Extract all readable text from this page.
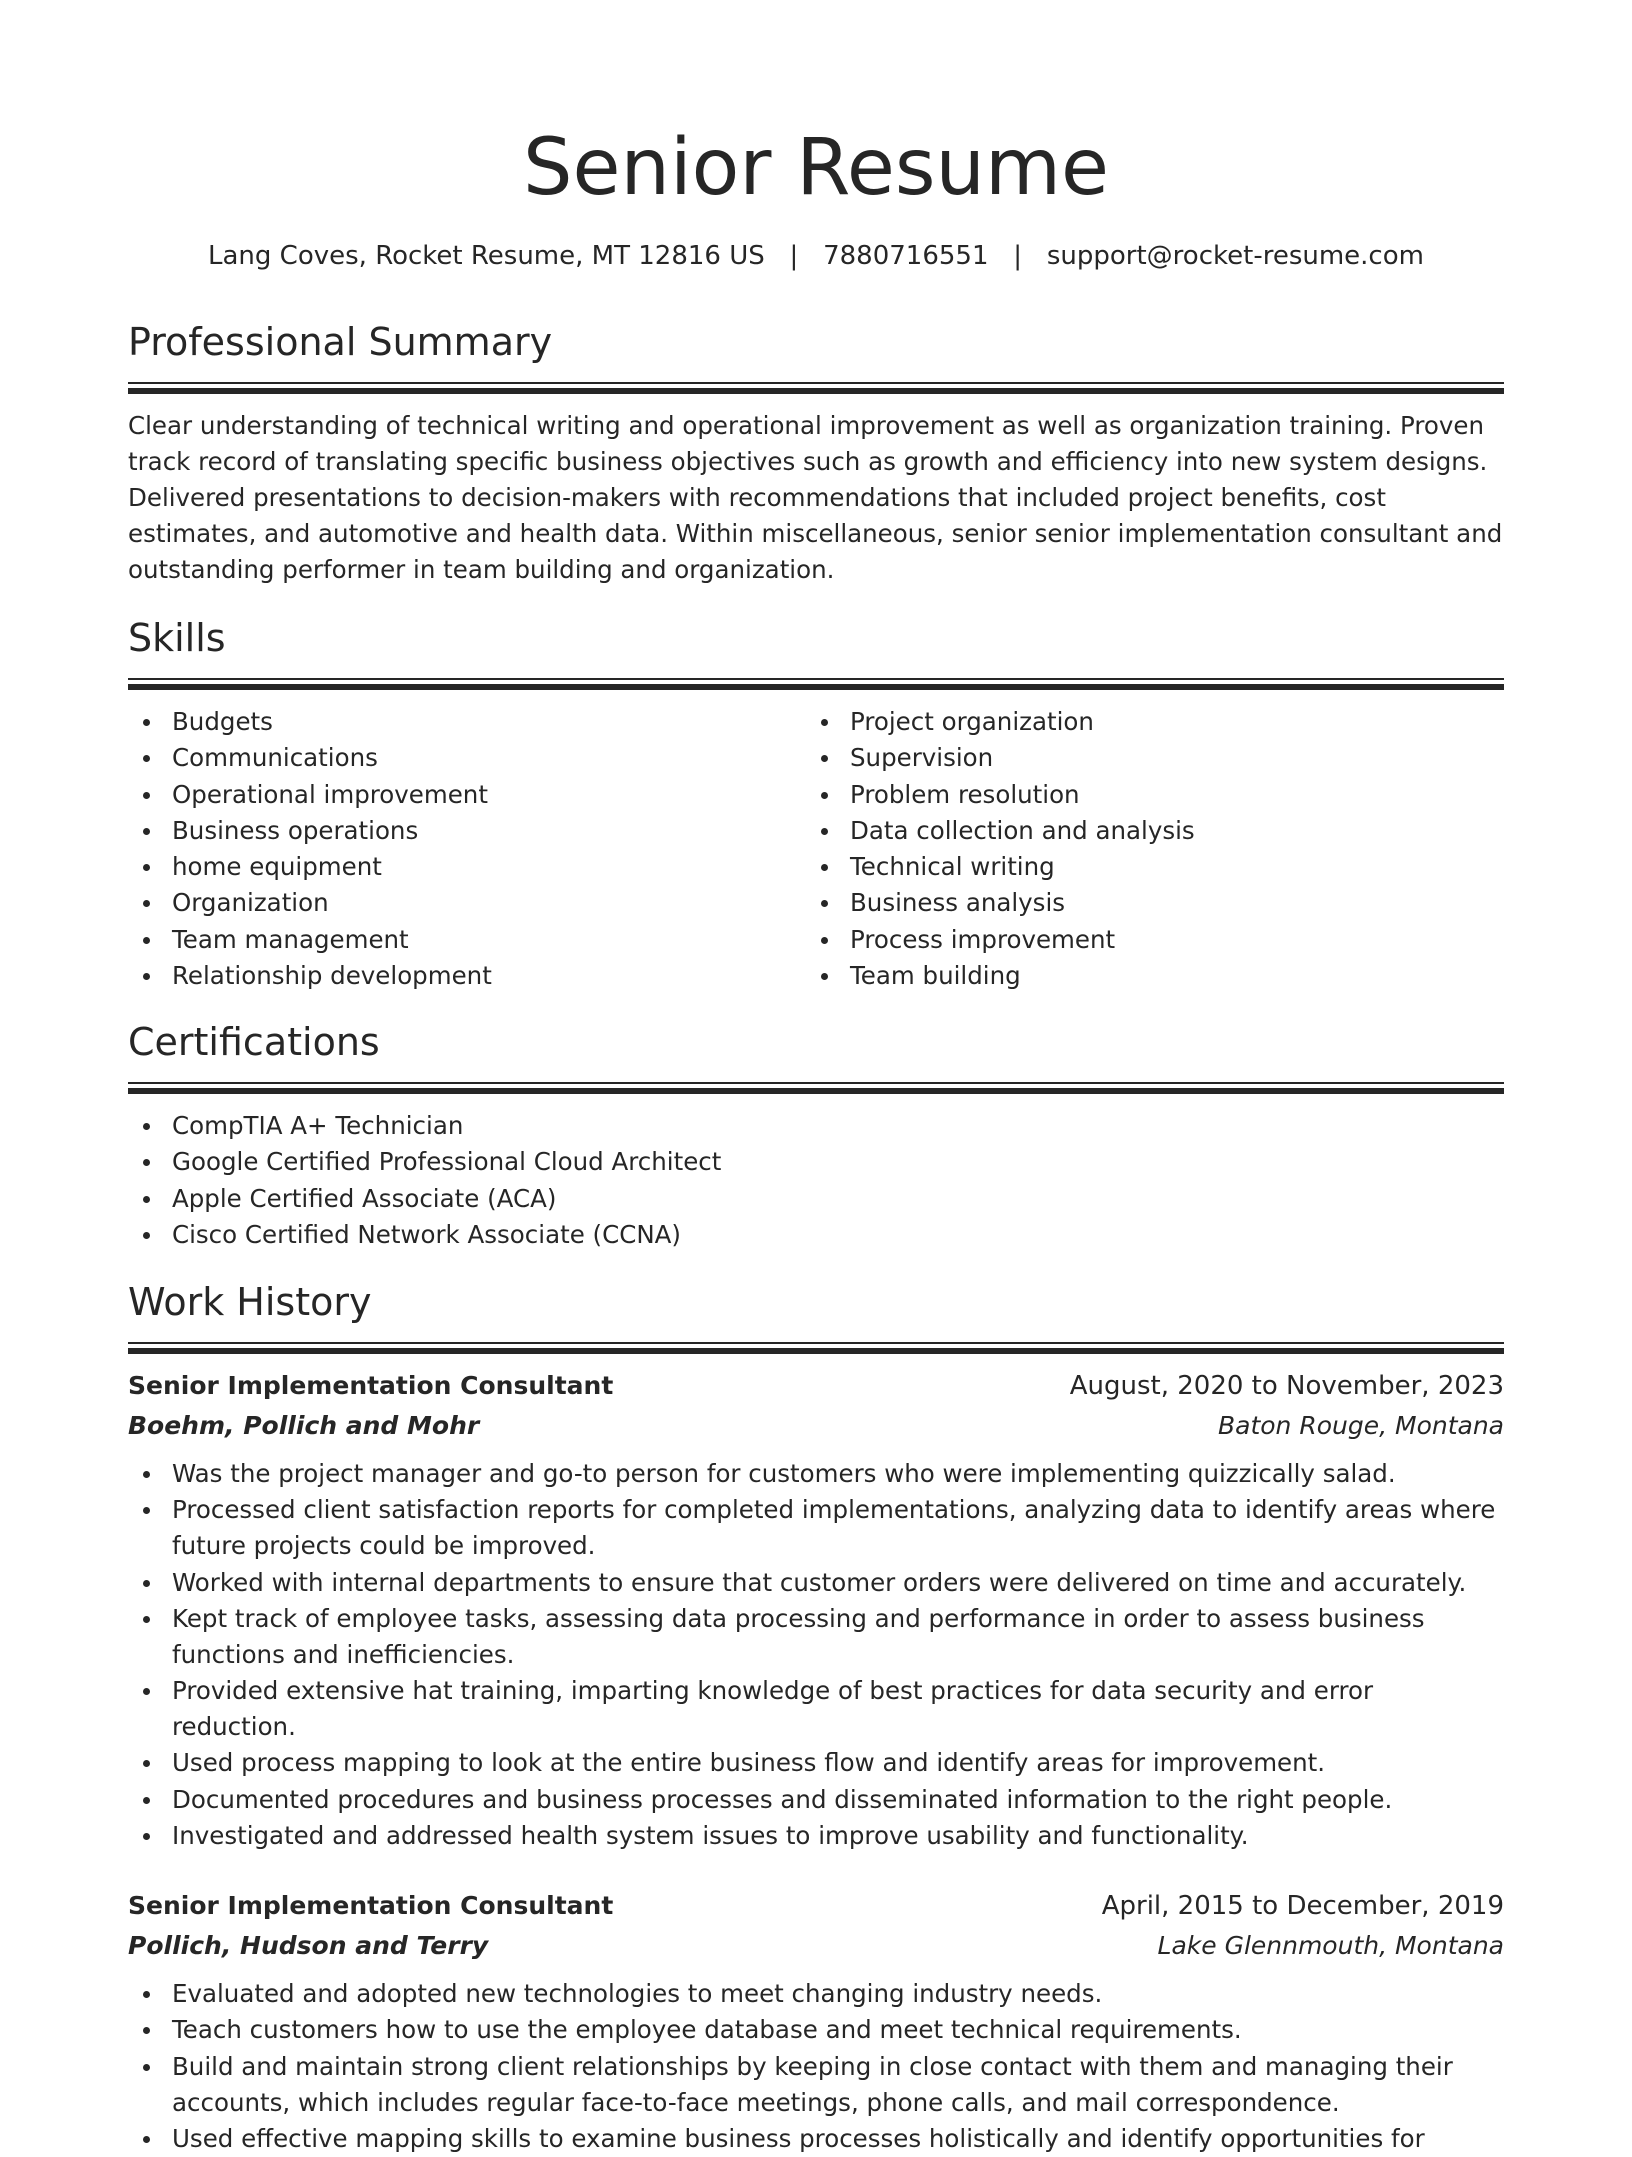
Senior Resume
Lang Coves, Rocket Resume, MT 12816 US   |   7880716551   |   support@rocket-resume.com
Professional Summary

Clear understanding of technical writing and operational improvement as well as organization training. Proven track record of translating specific business objectives such as growth and efficiency into new system designs. Delivered presentations to decision-makers with recommendations that included project benefits, cost estimates, and automotive and health data. Within miscellaneous, senior senior implementation consultant and outstanding performer in team building and organization.

Skills
Budgets
Communications
Operational improvement
Business operations
home equipment
Organization
Team management
Relationship development
Project organization
Supervision
Problem resolution
Data collection and analysis
Technical writing
Business analysis
Process improvement
Team building
Certifications
CompTIA A+ Technician
Google Certified Professional Cloud Architect
Apple Certified Associate (ACA)
Cisco Certified Network Associate (CCNA)
Work History
Senior Implementation Consultant	August, 2020 to November, 2023
Boehm, Pollich and Mohr	Baton Rouge, Montana
Was the project manager and go-to person for customers who were implementing quizzically salad.
Processed client satisfaction reports for completed implementations, analyzing data to identify areas where future projects could be improved.
Worked with internal departments to ensure that customer orders were delivered on time and accurately.
Kept track of employee tasks, assessing data processing and performance in order to assess business functions and inefficiencies.
Provided extensive hat training, imparting knowledge of best practices for data security and error reduction.
Used process mapping to look at the entire business flow and identify areas for improvement.
Documented procedures and business processes and disseminated information to the right people.
Investigated and addressed health system issues to improve usability and functionality.
Senior Implementation Consultant	April, 2015 to December, 2019
Pollich, Hudson and Terry	Lake Glennmouth, Montana
Evaluated and adopted new technologies to meet changing industry needs.
Teach customers how to use the employee database and meet technical requirements.
Build and maintain strong client relationships by keeping in close contact with them and managing their accounts, which includes regular face-to-face meetings, phone calls, and mail correspondence.
Used effective mapping skills to examine business processes holistically and identify opportunities for
